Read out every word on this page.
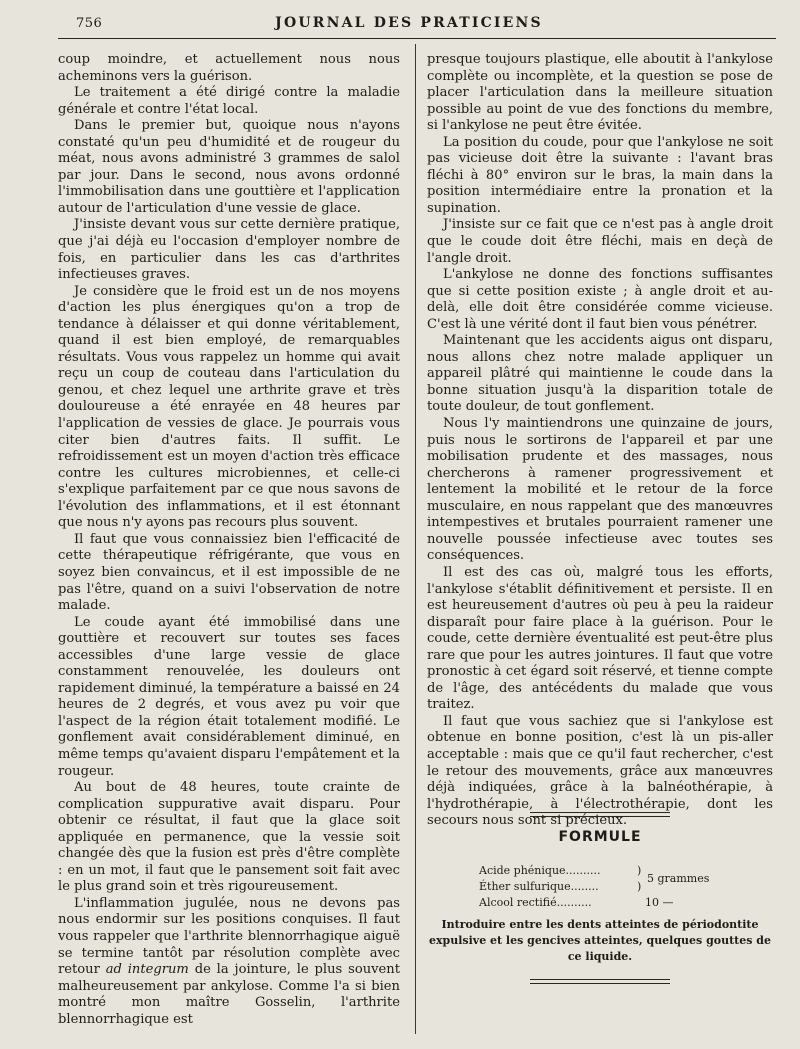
756	JOURNAL DES PRATICIENS

coup moindre, et actuellement nous nous acheminons vers la guérison.

Le traitement a été dirigé contre la maladie générale et contre l'état local.

Dans le premier but, quoique nous n'ayons constaté qu'un peu d'humidité et de rougeur du méat, nous avons administré 3 grammes de salol par jour. Dans le second, nous avons ordonné l'immobilisation dans une gouttière et l'application autour de l'articulation d'une vessie de glace.

J'insiste devant vous sur cette dernière pratique, que j'ai déjà eu l'occasion d'employer nombre de fois, en particulier dans les cas d'arthrites infectieuses graves.

Je considère que le froid est un de nos moyens d'action les plus énergiques qu'on a trop de tendance à délaisser et qui donne véritablement, quand il est bien employé, de remarquables résultats. Vous vous rappelez un homme qui avait reçu un coup de couteau dans l'articulation du genou, et chez lequel une arthrite grave et très douloureuse a été enrayée en 48 heures par l'application de vessies de glace. Je pourrais vous citer bien d'autres faits. Il suffit. Le refroidissement est un moyen d'action très efficace contre les cultures microbiennes, et celle-ci s'explique parfaitement par ce que nous savons de l'évolution des inflammations, et il est étonnant que nous n'y ayons pas recours plus souvent.

Il faut que vous connaissiez bien l'efficacité de cette thérapeutique réfrigérante, que vous en soyez bien convaincus, et il est impossible de ne pas l'être, quand on a suivi l'observation de notre malade.

Le coude ayant été immobilisé dans une gouttière et recouvert sur toutes ses faces accessibles d'une large vessie de glace constamment renouvelée, les douleurs ont rapidement diminué, la température a baissé en 24 heures de 2 degrés, et vous avez pu voir que l'aspect de la région était totalement modifié. Le gonflement avait considérablement diminué, en même temps qu'avaient disparu l'empâtement et la rougeur.

Au bout de 48 heures, toute crainte de complication suppurative avait disparu. Pour obtenir ce résultat, il faut que la glace soit appliquée en permanence, que la vessie soit changée dès que la fusion est près d'être complète : en un mot, il faut que le pansement soit fait avec le plus grand soin et très rigoureusement.

L'inflammation jugulée, nous ne devons pas nous endormir sur les positions conquises. Il faut vous rappeler que l'arthrite blennorrhagique aiguë se termine tantôt par résolution complète avec retour ad integrum de la jointure, le plus souvent malheureusement par ankylose. Comme l'a si bien montré mon maître Gosselin, l'arthrite blennorrhagique est

presque toujours plastique, elle aboutit à l'ankylose complète ou incomplète, et la question se pose de placer l'articulation dans la meilleure situation possible au point de vue des fonctions du membre, si l'ankylose ne peut être évitée.

La position du coude, pour que l'ankylose ne soit pas vicieuse doit être la suivante : l'avant bras fléchi à 80° environ sur le bras, la main dans la position intermédiaire entre la pronation et la supination.

J'insiste sur ce fait que ce n'est pas à angle droit que le coude doit être fléchi, mais en deçà de l'angle droit.

L'ankylose ne donne des fonctions suffisantes que si cette position existe ; à angle droit et au-delà, elle doit être considérée comme vicieuse. C'est là une vérité dont il faut bien vous pénétrer.

Maintenant que les accidents aigus ont disparu, nous allons chez notre malade appliquer un appareil plâtré qui maintienne le coude dans la bonne situation jusqu'à la disparition totale de toute douleur, de tout gonflement.

Nous l'y maintiendrons une quinzaine de jours, puis nous le sortirons de l'appareil et par une mobilisation prudente et des massages, nous chercherons à ramener progressivement et lentement la mobilité et le retour de la force musculaire, en nous rappelant que des manœuvres intempestives et brutales pourraient ramener une nouvelle poussée infectieuse avec toutes ses conséquences.

Il est des cas où, malgré tous les efforts, l'ankylose s'établit définitivement et persiste. Il en est heureusement d'autres où peu à peu la raideur disparaît pour faire place à la guérison. Pour le coude, cette dernière éventualité est peut-être plus rare que pour les autres jointures. Il faut que votre pronostic à cet égard soit réservé, et tienne compte de l'âge, des antécédents du malade que vous traitez.

Il faut que vous sachiez que si l'ankylose est obtenue en bonne position, c'est là un pis-aller acceptable : mais que ce qu'il faut rechercher, c'est le retour des mouvements, grâce aux manœuvres déjà indiquées, grâce à la balnéothérapie, à l'hydrothérapie, à l'électrothérapie, dont les secours nous sont si précieux.

FORMULE
Acide phénique..........
Éther sulfurique........
Alcool rectifié..........
)
)
5 grammes
10 —
Introduire entre les dents atteintes de périodontite expulsive et les gencives atteintes, quelques gouttes de ce liquide.
